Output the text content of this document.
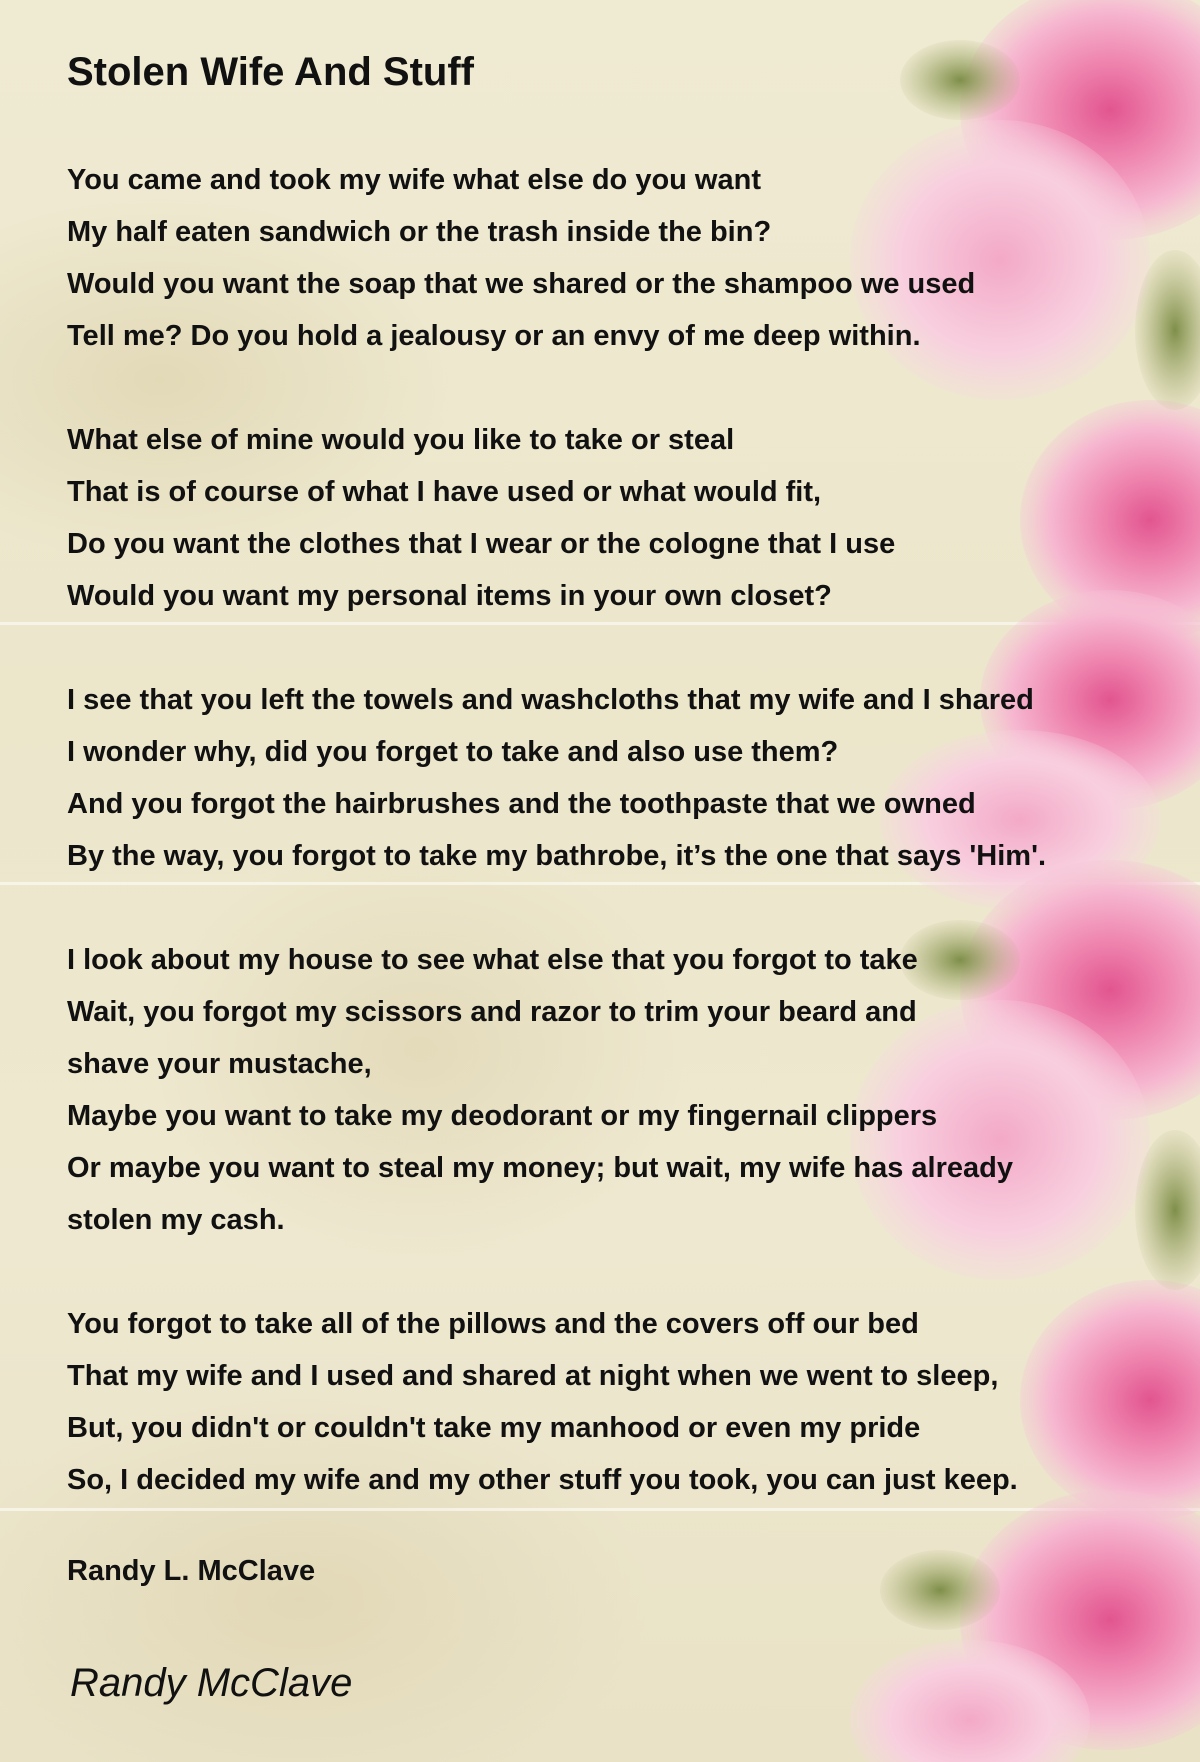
Stolen Wife And Stuff
You came and took my wife what else do you want
My half eaten sandwich or the trash inside the bin?
Would you want the soap that we shared or the shampoo we used
Tell me? Do you hold a jealousy or an envy of me deep within.
What else of mine would you like to take or steal
That is of course of what I have used or what would fit,
Do you want the clothes that I wear or the cologne that I use
Would you want my personal items in your own closet?
I see that you left the towels and washcloths that my wife and I shared
I wonder why, did you forget to take and also use them?
And you forgot the hairbrushes and the toothpaste that we owned
By the way, you forgot to take my bathrobe, it’s the one that says 'Him'.
I look about my house to see what else that you forgot to take
Wait, you forgot my scissors and razor to trim your beard and
shave your mustache,
Maybe you want to take my deodorant or my fingernail clippers
Or maybe you want to steal my money; but wait, my wife has already
stolen my cash.
You forgot to take all of the pillows and the covers off our bed
That my wife and I used and shared at night when we went to sleep,
But, you didn't or couldn't take my manhood or even my pride
So, I decided my wife and my other stuff you took, you can just keep.
Randy L. McClave
Randy McClave
